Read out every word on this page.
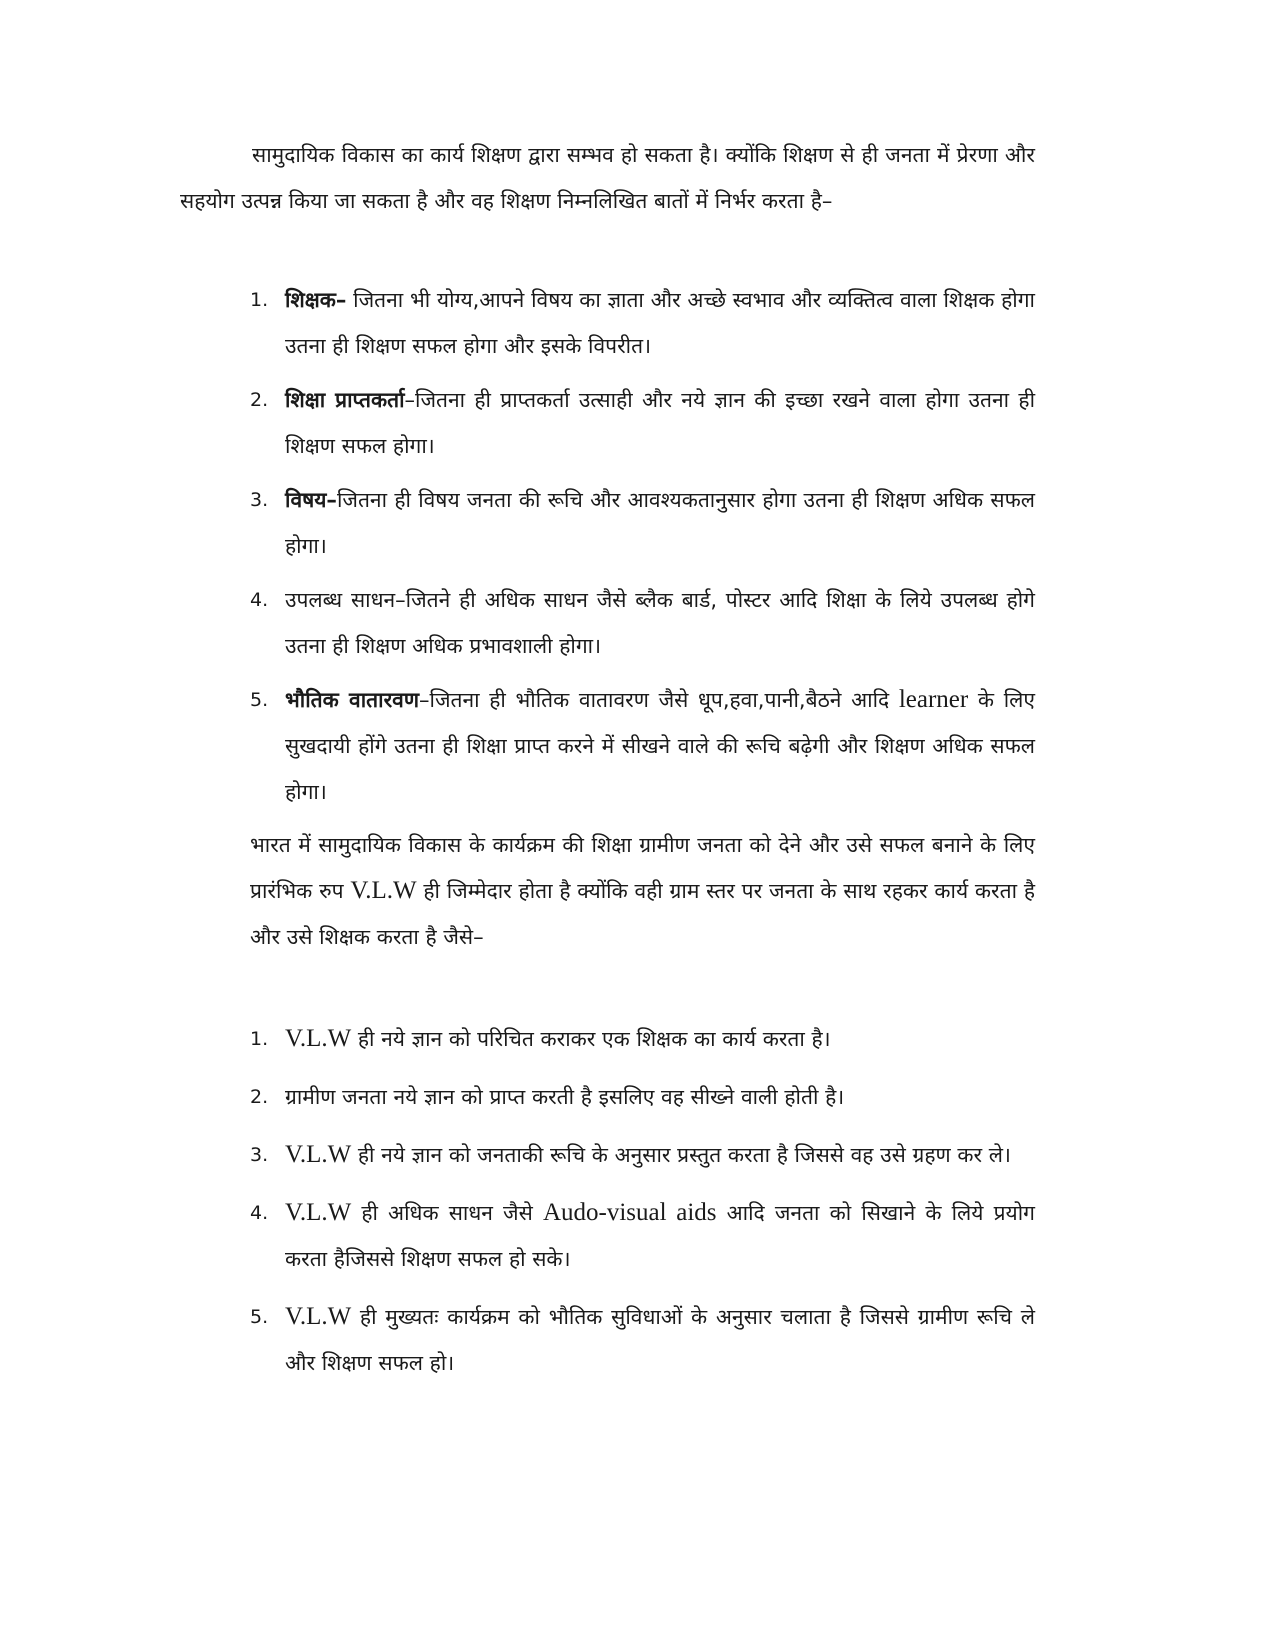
सामुदायिक विकास का कार्य शिक्षण द्वारा सम्भव हो सकता है। क्योंकि शिक्षण से ही जनता में प्रेरणा और सहयोग उत्पन्न किया जा सकता है और वह शिक्षण निम्नलिखित बातों में निर्भर करता है–

1. शिक्षक– जितना भी योग्य,आपने विषय का ज्ञाता और अच्छे स्वभाव और व्यक्तित्व वाला शिक्षक होगा उतना ही शिक्षण सफल होगा और इसके विपरीत।
2. शिक्षा प्राप्तकर्ता–जितना ही प्राप्तकर्ता उत्साही और नये ज्ञान की इच्छा रखने वाला होगा उतना ही शिक्षण सफल होगा।
3. विषय–जितना ही विषय जनता की रूचि और आवश्यकतानुसार होगा उतना ही शिक्षण अधिक सफल होगा।
4. उपलब्ध साधन–जितने ही अधिक साधन जैसे ब्लैक बार्ड, पोस्टर आदि शिक्षा के लिये उपलब्ध होगे उतना ही शिक्षण अधिक प्रभावशाली होगा।
5. भौतिक वातारवण–जितना ही भौतिक वातावरण जैसे धूप,हवा,पानी,बैठने आदि learner के लिए सुखदायी होंगे उतना ही शिक्षा प्राप्त करने में सीखने वाले की रूचि बढ़ेगी और शिक्षण अधिक सफल होगा।

भारत में सामुदायिक विकास के कार्यक्रम की शिक्षा ग्रामीण जनता को देने और उसे सफल बनाने के लिए प्रारंभिक रुप V.L.W ही जिम्मेदार होता है क्योंकि वही ग्राम स्तर पर जनता के साथ रहकर कार्य करता है और उसे शिक्षक करता है जैसे–

1. V.L.W ही नये ज्ञान को परिचित कराकर एक शिक्षक का कार्य करता है।
2. ग्रामीण जनता नये ज्ञान को प्राप्त करती है इसलिए वह सीख्ने वाली होती है।
3. V.L.W ही नये ज्ञान को जनताकी रूचि के अनुसार प्रस्तुत करता है जिससे वह उसे ग्रहण कर ले।
4. V.L.W ही अधिक साधन जैसे Audo-visual aids आदि जनता को सिखाने के लिये प्रयोग करता हैजिससे शिक्षण सफल हो सके।
5. V.L.W ही मुख्यतः कार्यक्रम को भौतिक सुविधाओं के अनुसार चलाता है जिससे ग्रामीण रूचि ले और शिक्षण सफल हो।
